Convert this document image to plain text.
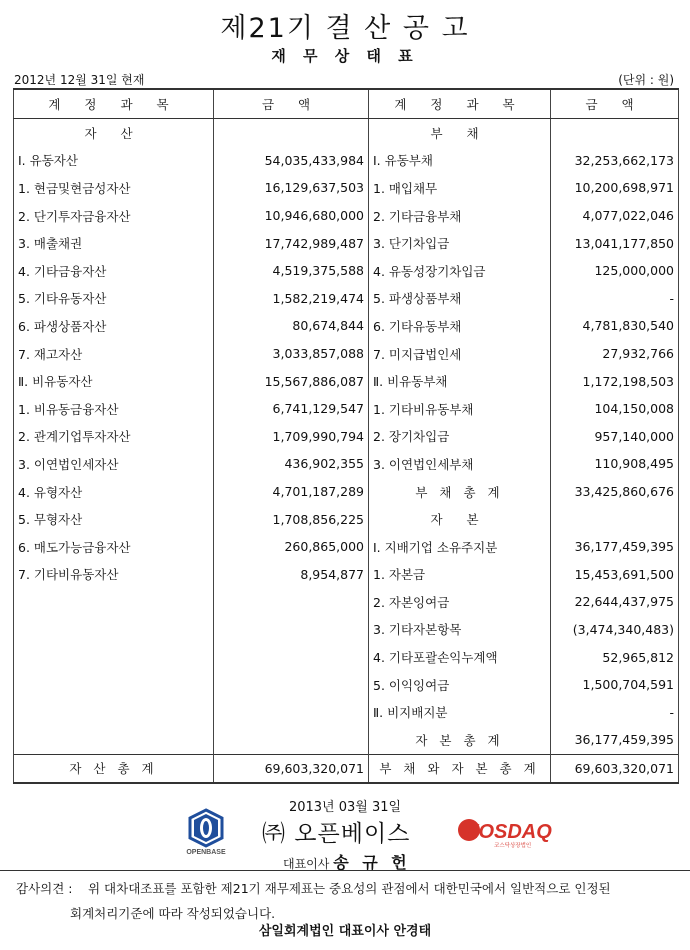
제21기 결 산 공 고
재 무 상 태 표
2012년 12월 31일 현재	(단위 : 원)
계 정 과 목	금 액	계 정 과 목	금 액
자 산		부 채	
Ⅰ. 유동자산	54,035,433,984	Ⅰ. 유동부채	32,253,662,173
1. 현금및현금성자산	16,129,637,503	1. 매입채무	10,200,698,971
2. 단기투자금융자산	10,946,680,000	2. 기타금융부채	4,077,022,046
3. 매출채권	17,742,989,487	3. 단기차입금	13,041,177,850
4. 기타금융자산	4,519,375,588	4. 유동성장기차입금	125,000,000
5. 기타유동자산	1,582,219,474	5. 파생상품부채	-
6. 파생상품자산	80,674,844	6. 기타유동부채	4,781,830,540
7. 재고자산	3,033,857,088	7. 미지급법인세	27,932,766
Ⅱ. 비유동자산	15,567,886,087	Ⅱ. 비유동부채	1,172,198,503
1. 비유동금융자산	6,741,129,547	1. 기타비유동부채	104,150,008
2. 관계기업투자자산	1,709,990,794	2. 장기차입금	957,140,000
3. 이연법인세자산	436,902,355	3. 이연법인세부채	110,908,495
4. 유형자산	4,701,187,289	부 채 총 계	33,425,860,676
5. 무형자산	1,708,856,225	자 본	
6. 매도가능금융자산	260,865,000	Ⅰ. 지배기업 소유주지분	36,177,459,395
7. 기타비유동자산	8,954,877	1. 자본금	15,453,691,500
		2. 자본잉여금	22,644,437,975
		3. 기타자본항목	(3,474,340,483)
		4. 기타포괄손익누계액	52,965,812
		5. 이익잉여금	1,500,704,591
		Ⅱ. 비지배지분	-
		자 본 총 계	36,177,459,395
자 산 총 계	69,603,320,071	부 채 와 자 본 총 계	69,603,320,071
2013년 03월 31일
OPENBASE
㈜ 오픈베이스	KOSDAQ
코스닥상장법인
대표이사 송 규 헌
감사의견 : 위 대차대조표를 포함한 제21기 재무제표는 중요성의 관점에서 대한민국에서 일반적으로 인정된
회계처리기준에 따라 작성되었습니다.
삼일회계법인 대표이사 안경태
